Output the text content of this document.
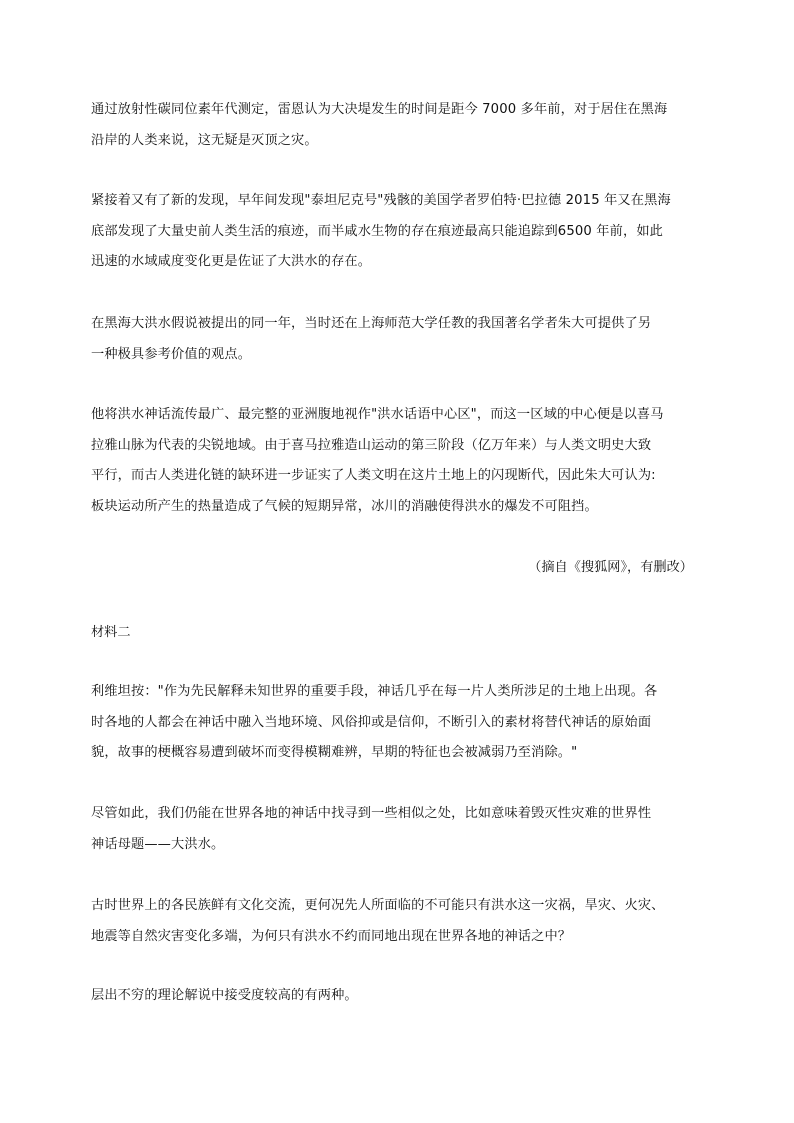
通过放射性碳同位素年代测定，雷恩认为大决堤发生的时间是距今 7000 多年前，对于居住在黑海
沿岸的人类来说，这无疑是灭顶之灾。
紧接着又有了新的发现，早年间发现"泰坦尼克号"残骸的美国学者罗伯特·巴拉德 2015 年又在黑海
底部发现了大量史前人类生活的痕迹，而半咸水生物的存在痕迹最高只能追踪到6500 年前，如此
迅速的水域咸度变化更是佐证了大洪水的存在。
在黑海大洪水假说被提出的同一年，当时还在上海师范大学任教的我国著名学者朱大可提供了另
一种极具参考价值的观点。
他将洪水神话流传最广、最完整的亚洲腹地视作"洪水话语中心区"，而这一区域的中心便是以喜马
拉雅山脉为代表的尖锐地域。由于喜马拉雅造山运动的第三阶段（亿万年来）与人类文明史大致
平行，而古人类进化链的缺环进一步证实了人类文明在这片土地上的闪现断代，因此朱大可认为:
板块运动所产生的热量造成了气候的短期异常，冰川的消融使得洪水的爆发不可阻挡。
（摘自《搜狐网》，有删改）
材料二
利维坦按："作为先民解释未知世界的重要手段，神话几乎在每一片人类所涉足的土地上出现。各
时各地的人都会在神话中融入当地环境、风俗抑或是信仰，不断引入的素材将替代神话的原始面
貌，故事的梗概容易遭到破坏而变得模糊难辨，早期的特征也会被减弱乃至消除。"
尽管如此，我们仍能在世界各地的神话中找寻到一些相似之处，比如意味着毁灭性灾难的世界性
神话母题——大洪水。
古时世界上的各民族鲜有文化交流，更何况先人所面临的不可能只有洪水这一灾祸，旱灾、火灾、
地震等自然灾害变化多端，为何只有洪水不约而同地出现在世界各地的神话之中？
层出不穷的理论解说中接受度较高的有两种。
